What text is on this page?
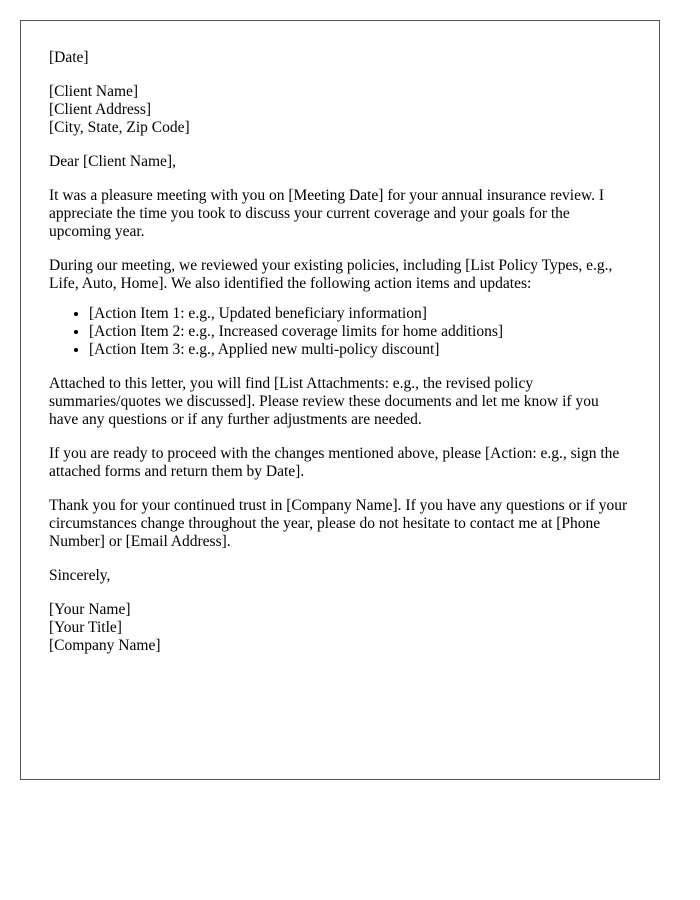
[Date]
[Client Name]
[Client Address]
[City, State, Zip Code]

Dear [Client Name],

It was a pleasure meeting with you on [Meeting Date] for your annual insurance review. I appreciate the time you took to discuss your current coverage and your goals for the upcoming year.

During our meeting, we reviewed your existing policies, including [List Policy Types, e.g., Life, Auto, Home]. We also identified the following action items and updates:

• [Action Item 1: e.g., Updated beneficiary information]
• [Action Item 2: e.g., Increased coverage limits for home additions]
• [Action Item 3: e.g., Applied new multi-policy discount]

Attached to this letter, you will find [List Attachments: e.g., the revised policy summaries/quotes we discussed]. Please review these documents and let me know if you have any questions or if any further adjustments are needed.

If you are ready to proceed with the changes mentioned above, please [Action: e.g., sign the attached forms and return them by Date].

Thank you for your continued trust in [Company Name]. If you have any questions or if your circumstances change throughout the year, please do not hesitate to contact me at [Phone Number] or [Email Address].

Sincerely,

[Your Name]
[Your Title]
[Company Name]
